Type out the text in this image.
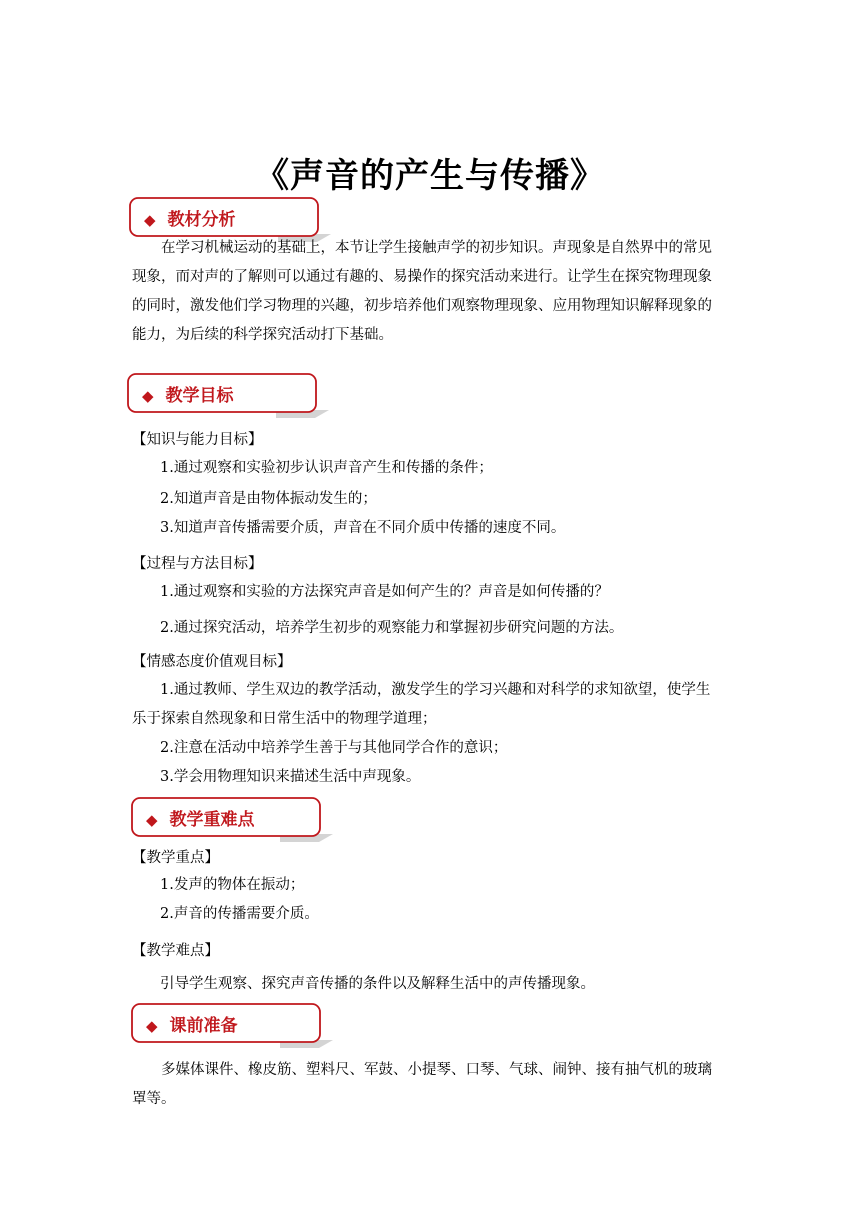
《声音的产生与传播》
◆ 教材分析

在学习机械运动的基础上，本节让学生接触声学的初步知识。声现象是自然界中的常见

现象，而对声的了解则可以通过有趣的、易操作的探究活动来进行。让学生在探究物理现象

的同时，激发他们学习物理的兴趣，初步培养他们观察物理现象、应用物理知识解释现象的

能力，为后续的科学探究活动打下基础。

◆ 教学目标
【知识与能力目标】
1.通过观察和实验初步认识声音产生和传播的条件；
2.知道声音是由物体振动发生的；
3.知道声音传播需要介质，声音在不同介质中传播的速度不同。
【过程与方法目标】
1.通过观察和实验的方法探究声音是如何产生的？声音是如何传播的？
2.通过探究活动，培养学生初步的观察能力和掌握初步研究问题的方法。
【情感态度价值观目标】
1.通过教师、学生双边的教学活动，激发学生的学习兴趣和对科学的求知欲望，使学生
乐于探索自然现象和日常生活中的物理学道理；
2.注意在活动中培养学生善于与其他同学合作的意识；
3.学会用物理知识来描述生活中声现象。
◆ 教学重难点
【教学重点】
1.发声的物体在振动；
2.声音的传播需要介质。
【教学难点】
引导学生观察、探究声音传播的条件以及解释生活中的声传播现象。
◆ 课前准备

多媒体课件、橡皮筋、塑料尺、军鼓、小提琴、口琴、气球、闹钟、接有抽气机的玻璃

罩等。
